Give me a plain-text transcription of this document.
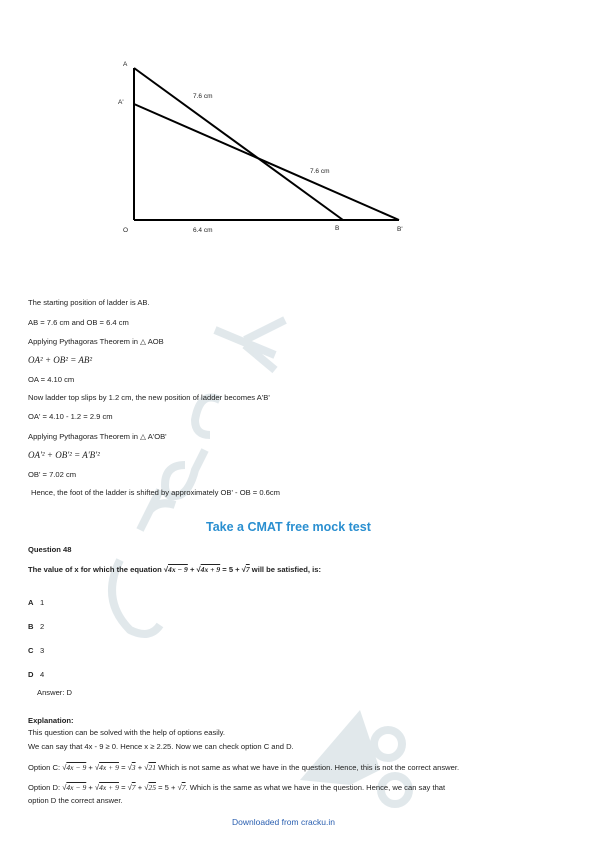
A
A'
O	B	B'
7.6 cm
7.6 cm
6.4 cm
The starting position of ladder is AB.
AB = 7.6 cm and OB = 6.4 cm
Applying Pythagoras Theorem in △ AOB
OA² + OB² = AB²
OA = 4.10 cm
Now ladder top slips by 1.2 cm, the new position of ladder becomes A'B'
OA' = 4.10 - 1.2 = 2.9 cm
Applying Pythagoras Theorem in △ A'OB'
OA'² + OB'² = A'B'²
OB' = 7.02 cm
Hence, the foot of the ladder is shifted by approximately OB' - OB = 0.6cm
Take a CMAT free mock test
Question 48
The value of x for which the equation √4x − 9 + √4x + 9 = 5 + √7 will be satisfied, is:
A 1
B 2
C 3
D 4
Answer: D
Explanation:
This question can be solved with the help of options easily.
We can say that 4x - 9 ≥ 0. Hence x ≥ 2.25. Now we can check option C and D.
Option C: √4x − 9 + √4x + 9 = √3 + √21 Which is not same as what we have in the question. Hence, this is not the correct answer.
Option D: √4x − 9 + √4x + 9 = √7 + √25 = 5 + √7. Which is the same as what we have in the question. Hence, we can say that
option D the correct answer.
Downloaded from cracku.in
